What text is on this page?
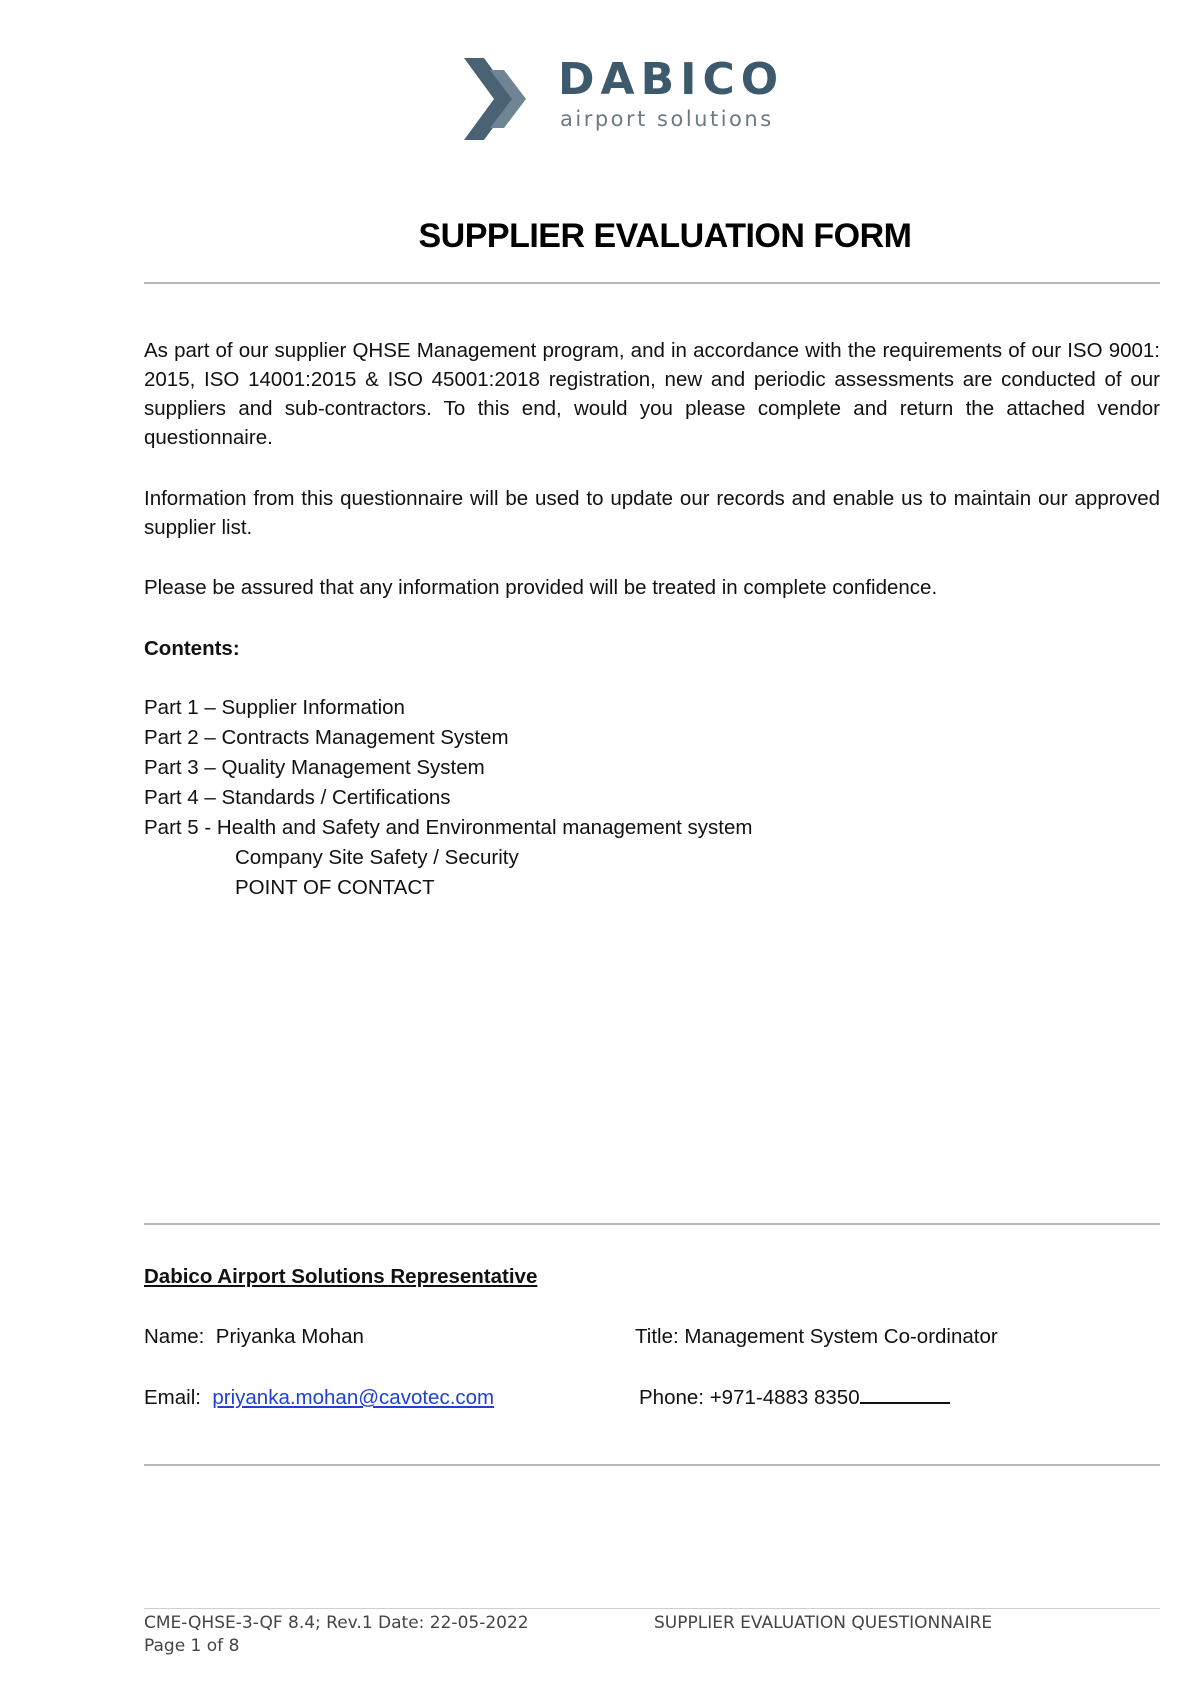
DABICO
airport solutions
SUPPLIER EVALUATION FORM
As part of our supplier QHSE Management program, and in accordance with the requirements of our ISO 9001: 2015, ISO 14001:2015 & ISO 45001:2018 registration, new and periodic assessments are conducted of our suppliers and sub-contractors. To this end, would you please complete and return the attached vendor questionnaire.
Information from this questionnaire will be used to update our records and enable us to maintain our approved supplier list.
Please be assured that any information provided will be treated in complete confidence.
Contents:
Part 1 – Supplier Information
Part 2 – Contracts Management System
Part 3 – Quality Management System
Part 4 – Standards / Certifications
Part 5 - Health and Safety and Environmental management system
Company Site Safety / Security
POINT OF CONTACT
Dabico Airport Solutions Representative
Name: Priyanka Mohan	Title: Management System Co-ordinator
Email: priyanka.mohan@cavotec.com	Phone: +971-4883 8350
CME-QHSE-3-QF 8.4; Rev.1 Date: 22-05-2022
Page 1 of 8
SUPPLIER EVALUATION QUESTIONNAIRE
